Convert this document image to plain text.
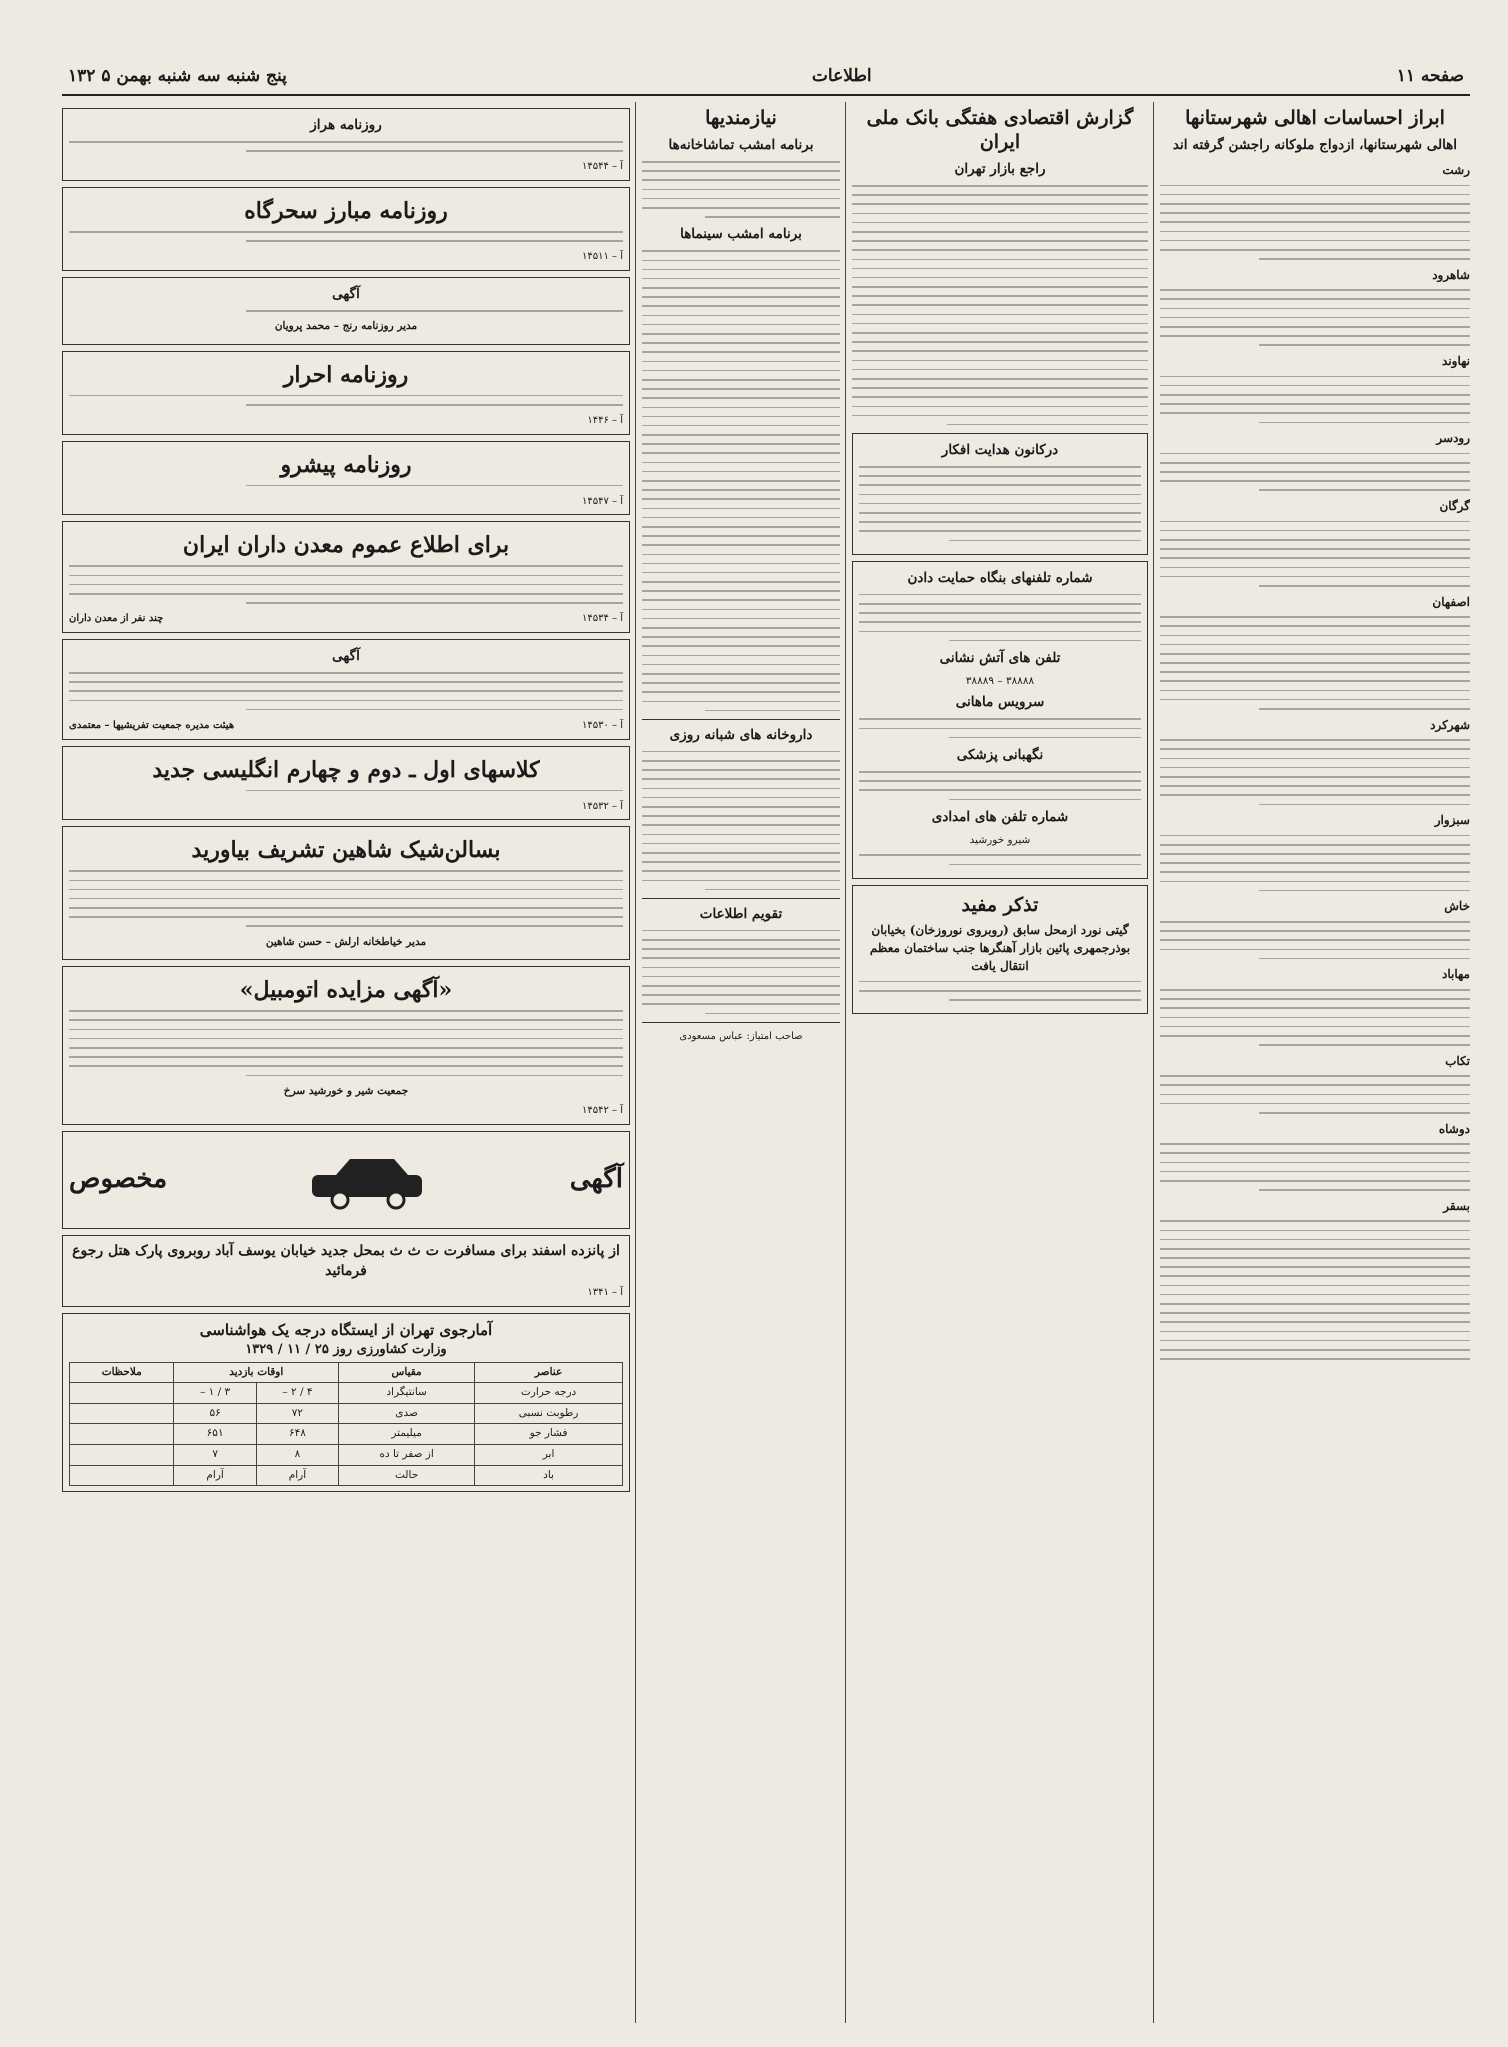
صفحه ۱۱
اطلاعات
پنج شنبه سه شنبه بهمن ۵ ۱۳۲
ابراز احساسات اهالی شهرستانها
اهالی شهرستانها، ازدواج ملوکانه راجشن گرفته اند
رشت
شاهرود
نهاوند
رودسر
گرگان
اصفهان
شهرکرد
سبزوار
خاش
مهاباد
تکاب
دوشاه
بسقر
گزارش اقتصادی هفتگی بانک ملی ایران
راجع بازار تهران
درکانون هدایت افکار
شماره تلفنهای بنگاه حمایت دادن
تلفن های آتش نشانی

۳۸۸۸۸ – ۳۸۸۸۹

سرویس ماهانی
نگهبانی پزشکی
شماره تلفن های امدادی

شیرو خورشید

تذکر مفید

گیتی نورد ازمحل سابق (روبروی نوروزخان) بخیابان بوذرجمهری پائین بازار آهنگرها جنب ساختمان معظم انتقال یافت

نیازمندیها
برنامه امشب تماشاخانه‌ها
برنامه امشب سینماها
داروخانه های شبانه روزی
تقویم اطلاعات

صاحب امتیاز: عباس مسعودی

روزنامه هراز
آ – ۱۴۵۴۴
روزنامه مبارز سحرگاه
آ – ۱۴۵۱۱
آگهی

مدیر روزنامه رنج – محمد پرویان

روزنامه احرار
آ – ۱۴۴۶
روزنامه پیشرو
آ – ۱۴۵۴۷
برای اطلاع عموم معدن داران ایران
آ – ۱۴۵۳۴
چند نفر از معدن داران
آگهی
آ – ۱۴۵۳۰
هیئت مدیره جمعیت تفریشیها – معتمدی
کلاسهای اول ـ دوم و چهارم انگلیسی جدید
آ – ۱۴۵۳۲
بسالن‌شیک شاهین تشریف بیاورید

مدیر خیاطخانه ارلش – حسن شاهین

«آگهی مزایده اتومبیل»

جمعیت شیر و خورشید سرخ

آ – ۱۴۵۴۲
آگهی
مخصوص

از پانزده اسفند برای مسافرت ت ث ث بمحل جدید خیابان یوسف آباد روبروی پارک هتل رجوع فرمائید

آ – ۱۳۴۱
آمارجوی تهران از ایستگاه درجه یک هواشناسی
وزارت کشاورزی روز ۲۵ / ۱۱ / ۱۳۲۹
عناصر	مقیاس	اوقات بازدید		ملاحظات
درجه حرارت	سانتیگراد	۴ / ۲ –	۳ / ۱ –	
رطوبت نسبی	صدی	۷۲	۵۶	
فشار جو	میلیمتر	۶۴۸	۶۵۱	
ابر	از صفر تا ده	۸	۷	
باد	حالت	آرام	آرام	
